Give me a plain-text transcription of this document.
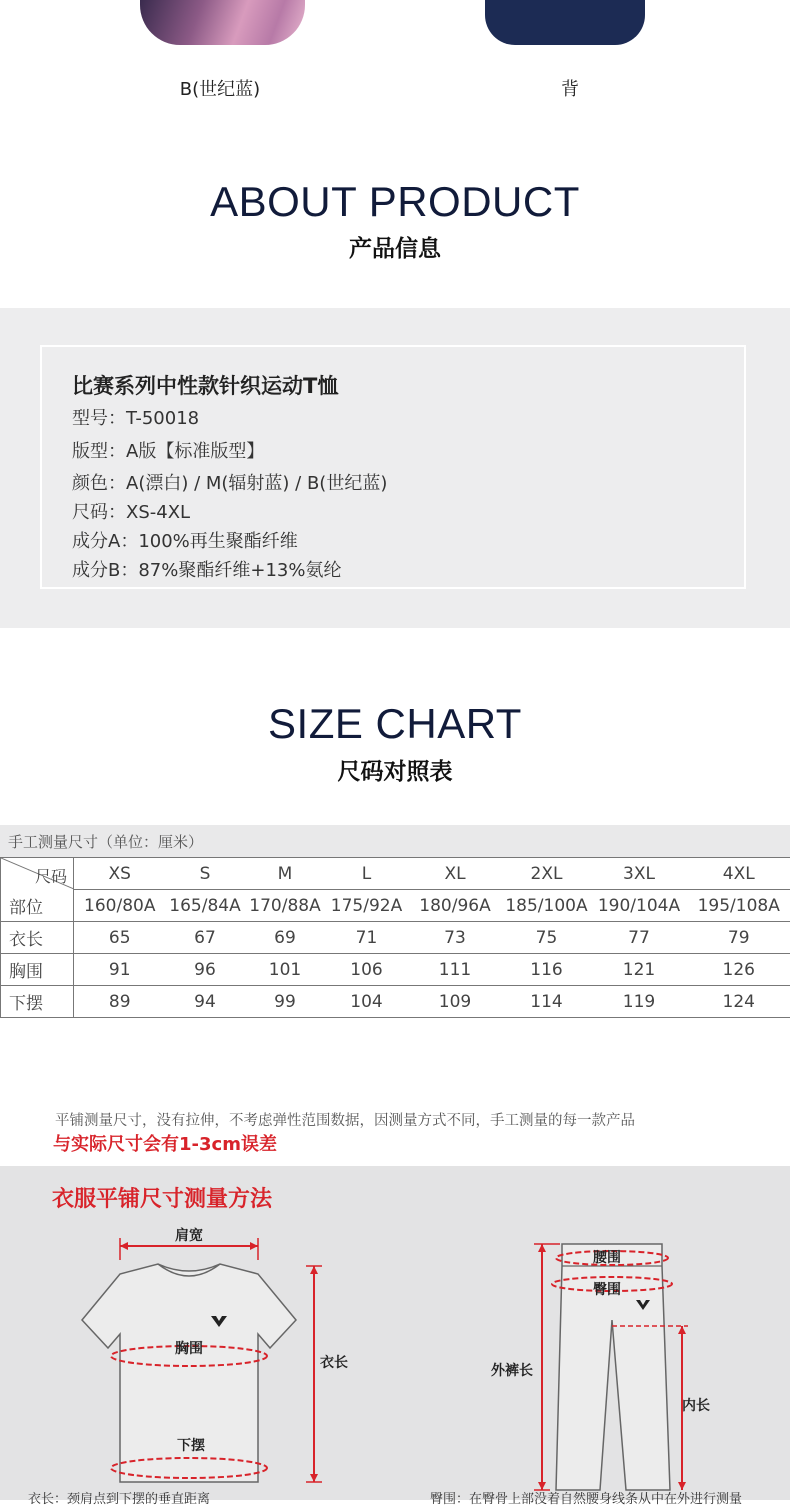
B(世纪蓝)	背
ABOUT PRODUCT
产品信息
比赛系列中性款针织运动T恤
型号：T-50018
版型：A版【标准版型】
颜色：A(漂白) / M(辐射蓝) / B(世纪蓝)
尺码：XS-4XL
成分A：100%再生聚酯纤维
成分B：87%聚酯纤维+13%氨纶
SIZE CHART
尺码对照表
手工测量尺寸（单位：厘米）
尺码	XS	S	M	L	XL	2XL	3XL	4XL
部位	160/80A	165/84A	170/88A	175/92A	180/96A	185/100A	190/104A	195/108A
衣长	65	67	69	71	73	75	77	79
胸围	91	96	101	106	111	116	121	126
下摆	89	94	99	104	109	114	119	124
平铺测量尺寸，没有拉伸，不考虑弹性范围数据，因测量方式不同，手工测量的每一款产品
与实际尺寸会有1-3cm误差
衣服平铺尺寸测量方法
肩宽
胸围
衣长
下摆
腰围
臀围
外裤长
内长
衣长：颈肩点到下摆的垂直距离	臀围：在臀骨上部没着自然腰身线条从中在外进行测量
